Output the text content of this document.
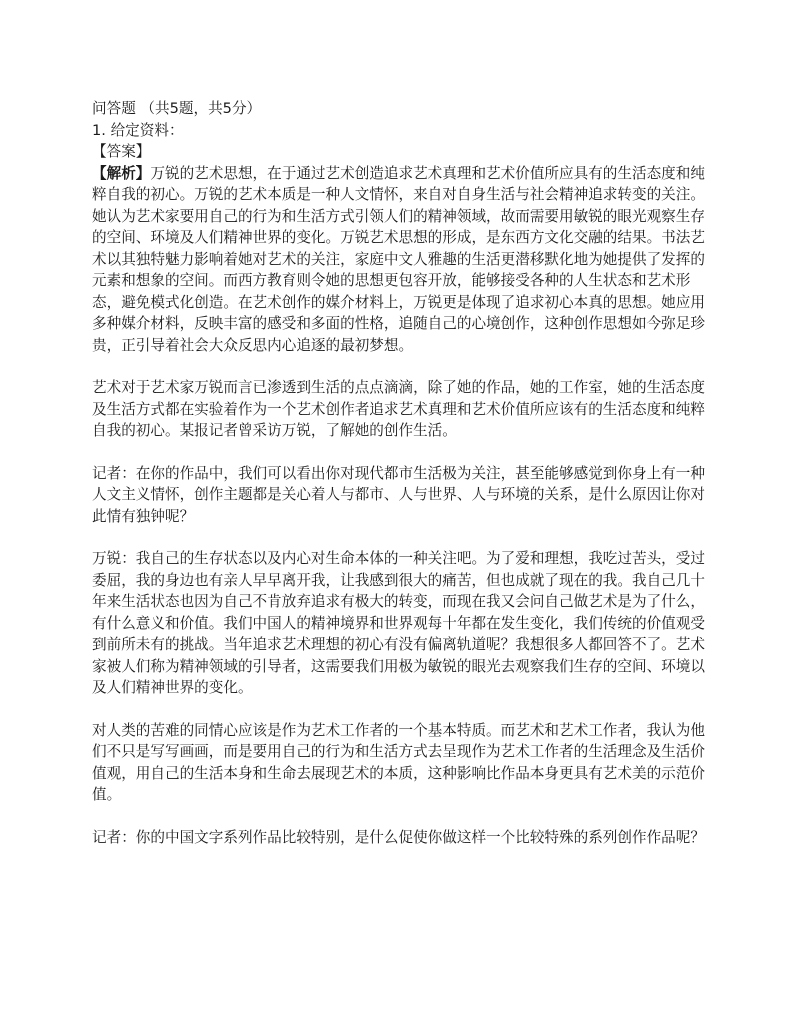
问答题 （共5题，共5分）

1. 给定资料：

【答案】

【解析】万锐的艺术思想，在于通过艺术创造追求艺术真理和艺术价值所应具有的生活态度和纯粹自我的初心。万锐的艺术本质是一种人文情怀，来自对自身生活与社会精神追求转变的关注。她认为艺术家要用自己的行为和生活方式引领人们的精神领域，故而需要用敏锐的眼光观察生存的空间、环境及人们精神世界的变化。万锐艺术思想的形成，是东西方文化交融的结果。书法艺术以其独特魅力影响着她对艺术的关注，家庭中文人雅趣的生活更潜移默化地为她提供了发挥的元素和想象的空间。而西方教育则令她的思想更包容开放，能够接受各种的人生状态和艺术形态，避免模式化创造。在艺术创作的媒介材料上，万锐更是体现了追求初心本真的思想。她应用多种媒介材料，反映丰富的感受和多面的性格，追随自己的心境创作，这种创作思想如今弥足珍贵，正引导着社会大众反思内心追逐的最初梦想。

艺术对于艺术家万锐而言已渗透到生活的点点滴滴，除了她的作品，她的工作室，她的生活态度及生活方式都在实验着作为一个艺术创作者追求艺术真理和艺术价值所应该有的生活态度和纯粹自我的初心。某报记者曾采访万锐，了解她的创作生活。

记者：在你的作品中，我们可以看出你对现代都市生活极为关注，甚至能够感觉到你身上有一种人文主义情怀，创作主题都是关心着人与都市、人与世界、人与环境的关系，是什么原因让你对此情有独钟呢？

万锐：我自己的生存状态以及内心对生命本体的一种关注吧。为了爱和理想，我吃过苦头，受过委屈，我的身边也有亲人早早离开我，让我感到很大的痛苦，但也成就了现在的我。我自己几十年来生活状态也因为自己不肯放弃追求有极大的转变，而现在我又会问自己做艺术是为了什么，有什么意义和价值。我们中国人的精神境界和世界观每十年都在发生变化，我们传统的价值观受到前所未有的挑战。当年追求艺术理想的初心有没有偏离轨道呢？我想很多人都回答不了。艺术家被人们称为精神领域的引导者，这需要我们用极为敏锐的眼光去观察我们生存的空间、环境以及人们精神世界的变化。

对人类的苦难的同情心应该是作为艺术工作者的一个基本特质。而艺术和艺术工作者，我认为他们不只是写写画画，而是要用自己的行为和生活方式去呈现作为艺术工作者的生活理念及生活价值观，用自己的生活本身和生命去展现艺术的本质，这种影响比作品本身更具有艺术美的示范价值。

记者：你的中国文字系列作品比较特别，是什么促使你做这样一个比较特殊的系列创作作品呢？
